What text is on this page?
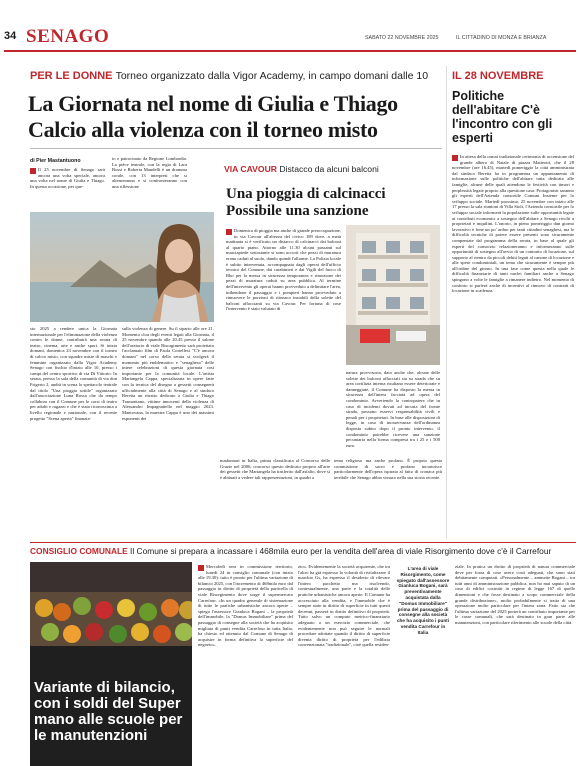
34 SENAGO	SABATO 22 NOVEMBRE 2025	IL CITTADINO DI MONZA E BRIANZA
PER LE DONNE Torneo organizzato dalla Vigor Academy, in campo domani dalle 10
La Giornata nel nome di Giulia e Thiago
Calcio alla violenza con il torneo misto
di Pier Mastantuono
Il 25 novembre di Senago sarà ancora una volta speciale, ancora una volta nel nome di Giulia e Thiago. In questa occasione, per que-
to e patrocinato da Regione Lombardia. La pièce teatrale, con la regia di Lara Bossi e Roberta Mandelli è un dramma corale, con 13 interpreti che si alterneranno e si confronteranno con una riflessione
sulla violenza di genere. Su il sipario alle ore 21. Momento clou degli eventi legati alla Giornata, il 25 novembre quando alle 20.45 presso il salone dell'oratorio di viale Risorgimento sarà proiettato l'acclamato film di Paola Cortellesi "C'è ancora domani" nel corso della serata si svolgerà il momento più emblematico e "senagheso" delle intere celebrazioni di questa giornata così importante per la comunità locale. L'artista Mariangela Cappa, specializzata in opere fatte con la tecnica del disegno a gessetti consegnerà ufficialmente alla città di Senago e al sindaco Beretta un ritratto dedicato a Giulia e Thiago Tramontano, vittime innocenti della violenza di Alessandro Impagnatiello nel maggio 2023. Mantovana, la maestra Cappa è uno dei massimi esponenti dei
sto 2025 a rendere unica la Giornata internazionale per l'eliminazione della violenza contro le donne, contribuirà una serata di teatro, cinema, arte e anche sport. Si inizia domani, domenica 23 novembre con il torneo di calcio misto, con squadre miste di maschi e femmine organizzato dalla Vigor Academy Senago con fischio d'inizio alle 10, presso i campi del centro sportivo di via Di Vittorio. In serata, presso la sala della comunità di via don Frigerio 2, andrà in scena lo spettacolo teatrale dal titolo "Una pioggia sottile" organizzato dall'associazione Luna Rossa che da tempo collabora con il Comune per le corsi di teatro per adulti e ragazzi e che è stata riconosciuta a livello regionale e nazionale, con il recente progetto "Scena aperta" finanzia-
VIA CAVOUR Distacco da alcuni balconi
Una pioggia di calcinacci
Possibile una sanzione
Domenica di pioggia ma anche di grande preoccupazione, in via Cavour all'altezza del civico 189 dove, a metà mattinata si è verificato un distacco di calcinacci dai balconi al quarto piano. Attorno alle 11.30 alcuni passanti sul marciapiede sottostante si sono accorti che pezzi di muratura erano caduti al suolo, dando quindi l'allarme. La Polizia locale è subito intervenuta, accompagnata dagli operai dell'ufficio tecnico del Comune, dai carabinieri e dai Vigili del fuoco di Rho per la messa in sicurezza temporanea e rimozione dei pezzi di muratura caduti su area pubblica. Al termine dell'intervento gli operai hanno provveduto a delimitare l'area, inibendone il passaggio e i pompieri hanno provveduto a rimuovere le porzioni di ritonaco instabili della solette del balconi affaccianti su via Cavour. Per fortuna di cose l'intervento è stato valutato di
natura provvisoria, dato anche che, alcune delle solette dei balconi affacciati sia su strada che su area cortilizia interna risultano essere deteriorate e danneggiate, il Comune ha disposto la messa in sicurezza dell'intera facciata ad opera del condominio. Avvertendo la contropatere che in caso di incidenti dovuti ad incuria del fronte strada, possono esservi responsabilità civili e penali per i proprietari. In base alle disposizioni di legge, in caso di inosservanza dell'ordinanza disposta subito dopo il pronto intervento, il condominio potrebbe ricevere una sanzione pecuniaria nella forma compresa tra i 25 e i 500 euro.
madonnari in Italia, prima classificata al Concorso delle Grazie nel 2006, concorso questo dedicato proprio all'arte dei gessetti che Mariangela ha trasferito dall'asfalto, dove si è abituati a vedere tali rappresentazioni, in quadri a
tema religioso ma anche profano. È proprio questa commistione di sacro e profano incurioisce particolarmente dell'opera ispirata al fatto di cronaca più terribile che Senago abbia vissuto nella sua storia recente.
IL 28 NOVEMBRE
Politiche dell'abitare C'è l'incontro con gli esperti
In attesa della ormai tradizionale cerimonia di accensione del grande albero di Natale di piazza Matteotti, che il 28 novembre (ore 16.45), martedì pomeriggio la città amministrata dal sindaco Beretta ha in programma un appuntamento di informazione sulle politiche dell'abitare tutta dedicata alle famiglie, alcune delle quali attendono le festività con timori e perplessità legate proprio alla questione casa. Protagonisti saranno gli esperti dell'Azienda consortile Comuni Insieme per lo sviluppo sociale. Martedì prossimo, 25 novembre con inizio alle 17 presso la sala riunioni di Villa Sioli, l'Azienda consortile per lo sviluppo sociale informerà la popolazione sulle opportunità legate ai contributi economici a sostegno dell'abitare a Senago rivolti a proprietari e inquilini. L'onorio, in pieno pomeriggio dun giorno lavorativo è fone un po' arduo per tanti cittadini senaghesi, ma le difficoltà tecniche di potere essere presenti sono sicuramente compensate dal programma della serata, in base al quale gli esperti del consorzio relazioneranno e informeranno sulle opportunità di sostegno all'avvio di un contratto di locazione, sul supporto al rientro da piccoli debiti legati al canone di locazione e alle spese condominiali, un tema che sicuramente è sempre più all'ordine del giorno. In una fase come questa nella quale le difficoltà finanziarie di tanti nuclei familiari anche a Senago spingono a volte le famiglie a rimanere indietro. Nel momento di conforto si parlerà anche di incentivi al rinnovo di contratti di locazione in scadenza.
CONSIGLIO COMUNALE Il Comune si prepara a incassare i 468mila euro per la vendita dell'area di viale Risorgimento dove c'è il Carrefour
Variante di bilancio, con i soldi del Super mano alle scuole per le manutenzioni
Mercoledì sera in commissione territorio, lunedì 24 in consiglio comunale (con inizio alle 19.30): tutto è pronto per l'ultima variazione di bilancio 2025, con l'incremento di 468mila euro dal passaggio in diritto di proprietà della particella di viale Risorgimento dove sorge il supermercato Carrefour. «In un quadro generale di sistemazione di tutte le pratiche urbanistiche ancora aperte – spiega l'assessore Gianluca Bogani – la proprietà dell'immobile, la "Domus Immobiliare" prima del passaggio di consegne alla società che ha acquisito migliaia di punti vendita Carrefour in tutta Italia, ha chiesto ed ottenuto dal Comune di Senago di acquisire in forma definitiva la superficie del negozio».
zio». Evidentemente la società acquirente, che tra l'altro ha già espresso la volontà di rivitalizzare il marchio Gs, ha espresso il desiderio di rilevare l'intero pacchetto ma risolvendo, contestualmente, una parte e la totalità delle pratiche urbanistiche ancora aperte. Il Comune ha accresciuto alla vendita, e l'immobile che è sempre stato in diritto di superficie in tutti questi decenni, passerà in diritto definitivo di proprietà. Tutto salvo un computo metrico-finanziario adeguato a un esercizio commerciale, che evidentemente non può seguire le normali procedure adottate quando il diritto di superficie diventa diritto di proprietà per l'edilizia convenzionata "tradizionale", cioè quella residen-
L'area di viale Risorgimento, come spiegato dall'assessore Gianluca Bogani, sarà preventivamente acquistata dalla "Domus Immobiliare" prima del passaggio di consegne alla società che ha acquisito i punti vendita Carrefour in Italia
ziale. In pratica un diritto di proprietà di natura commerciale deve per forza di cose avere costi adeguati, che sono stati debitamente computati. «Personalmente – ammette Bogani – tra tutti anni di amministrazione pubblica, non ho mai saputo di un caso di edifici costruiti in regime di legge 167 di quelle dimensioni e che fosse destinato a scopo commerciale della grande distribuzione», molto probabilmente si tratta di una operazione molto particolare per l'intera zona. Fatto sta che l'ultima variazione del 2025 porterà un contributo importante per le casse comunali, che sarà destinato in gran parte alle manutenzioni, con particolare riferimento alle scuole della città.
